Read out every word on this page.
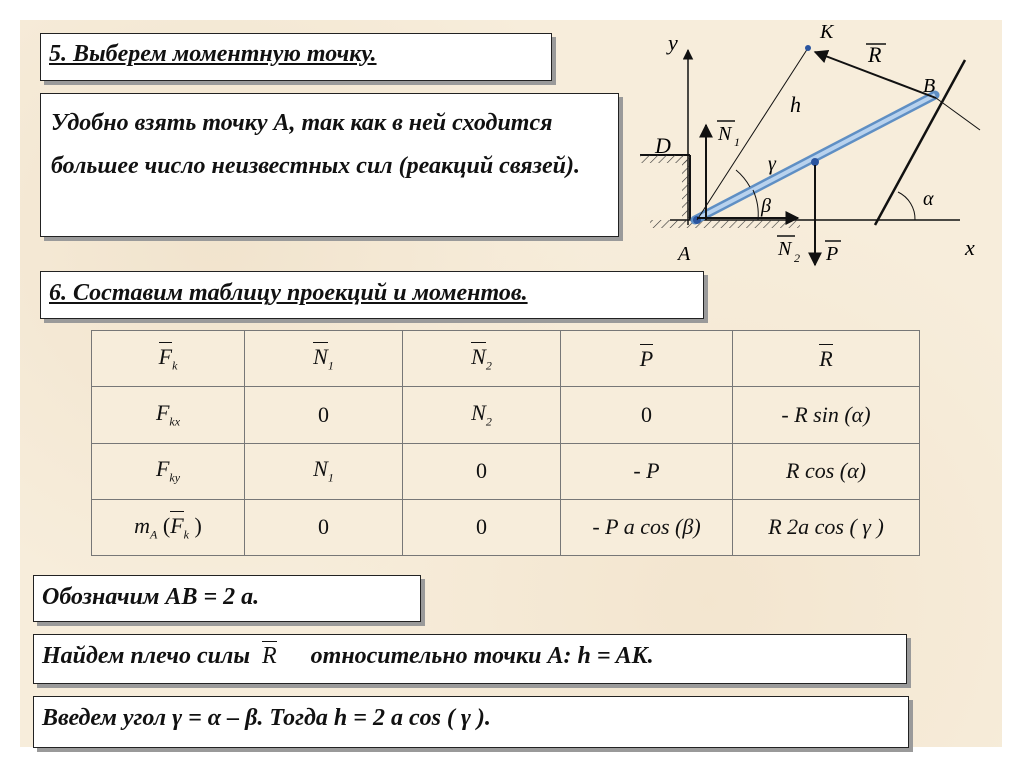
5. Выберем моментную точку.
Удобно взять точку А, так как в ней сходится большее число неизвестных сил (реакций связей).
y
x
K
R
B
h
D N 1
γ
β	α
A	N 2 P
6. Составим таблицу проекций и моментов.
$F_k$	$N_1$	$N_2$	P	R
$F_{kx}$	0	$N_2$	0	- R sin (α)
$F_{ky}$	$N_1$	0	- P	R cos (α)
$m_A$ ($F_k$ )	0	0	- P a cos (β)	R 2a cos ( γ )
Обозначим АВ = 2 а.
Найдем плечо силы R относительно точки А: h = AK.
Введем угол γ = α – β. Тогда h = 2 а cos ( γ ).
